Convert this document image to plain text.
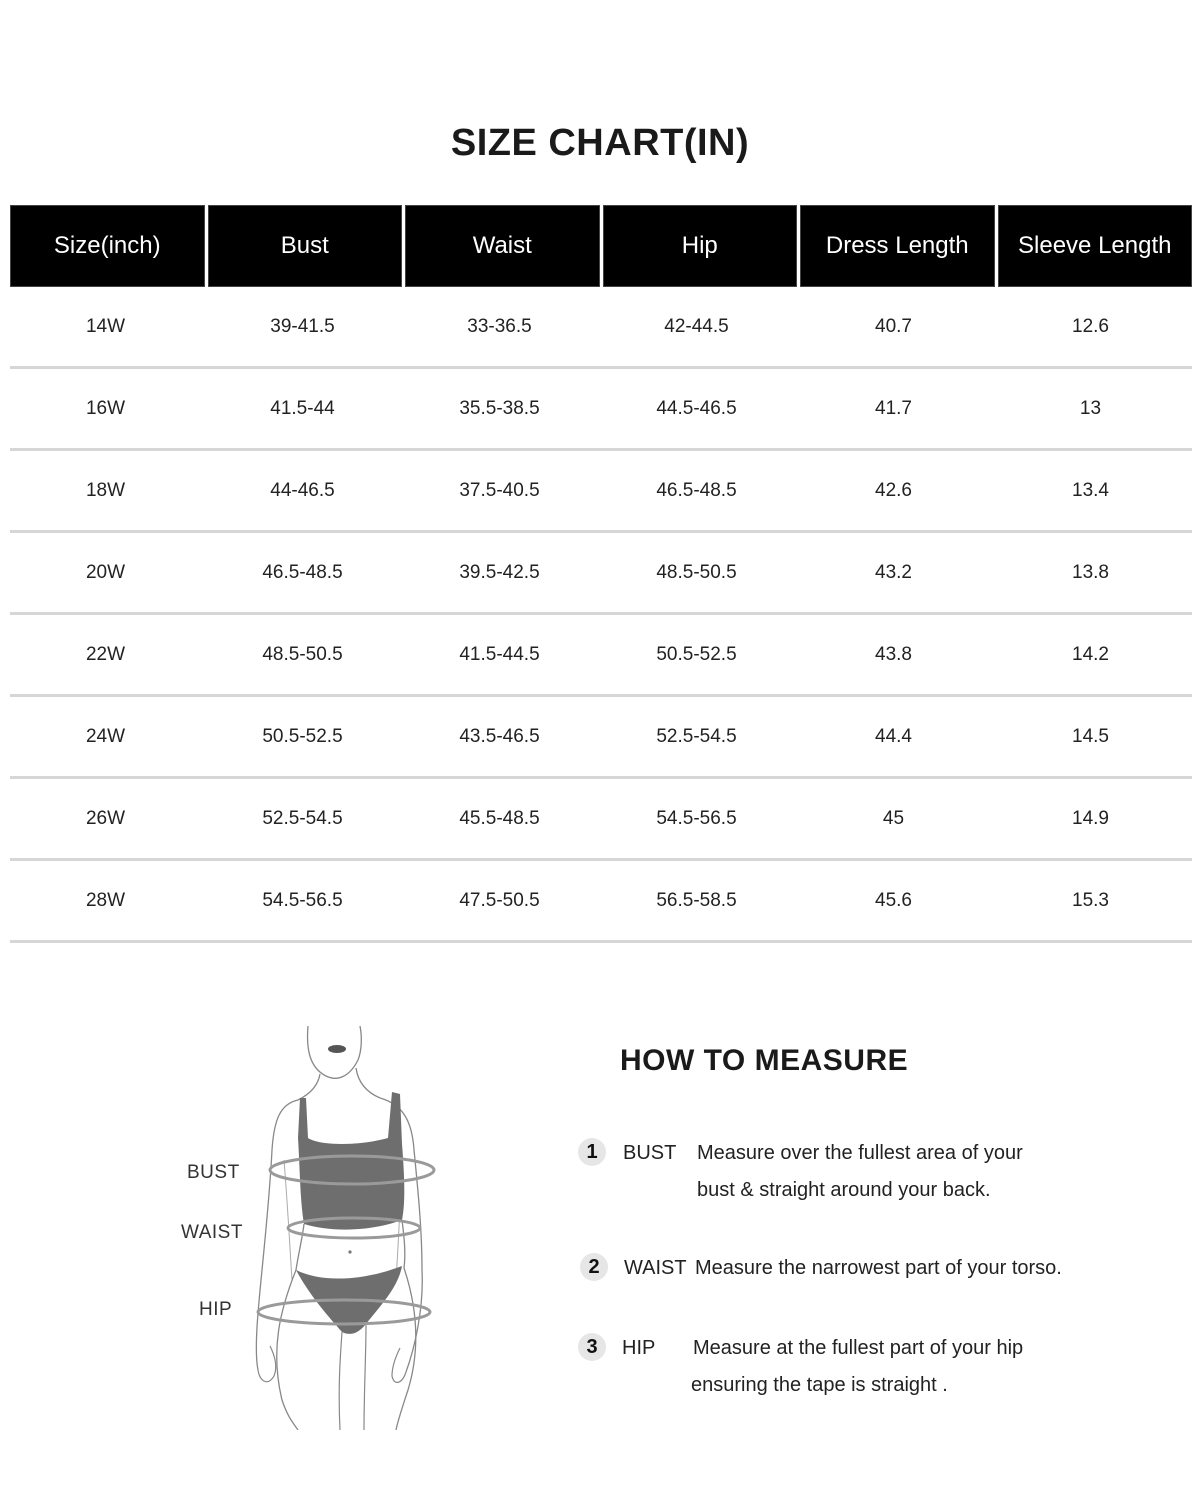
SIZE CHART(IN)
Size(inch)	Bust	Waist	Hip	Dress Length	Sleeve Length
14W	39-41.5	33-36.5	42-44.5	40.7	12.6
16W	41.5-44	35.5-38.5	44.5-46.5	41.7	13
18W	44-46.5	37.5-40.5	46.5-48.5	42.6	13.4
20W	46.5-48.5	39.5-42.5	48.5-50.5	43.2	13.8
22W	48.5-50.5	41.5-44.5	50.5-52.5	43.8	14.2
24W	50.5-52.5	43.5-46.5	52.5-54.5	44.4	14.5
26W	52.5-54.5	45.5-48.5	54.5-56.5	45	14.9
28W	54.5-56.5	47.5-50.5	56.5-58.5	45.6	15.3
BUST
WAIST
HIP
HOW TO MEASURE
1	BUST Measure over the fullest area of your
bust & straight around your back.
2	WAIST Measure the narrowest part of your torso.
3	HIP Measure at the fullest part of your hip
ensuring the tape is straight .
